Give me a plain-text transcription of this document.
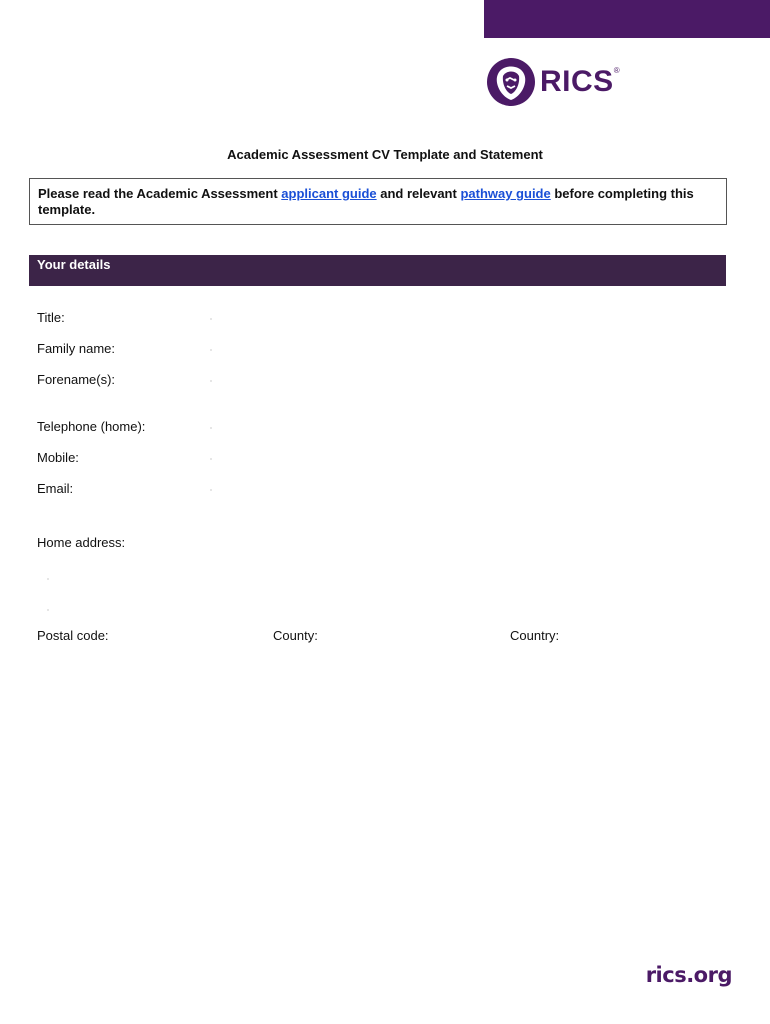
RICS ®
Academic Assessment CV Template and Statement
Please read the Academic Assessment applicant guide and relevant pathway guide before completing this template.
Your details
Title:
Family name:
Forename(s):
Telephone (home):
Mobile:
Email:
Home address:
Postal code:	County:	Country:
rics.org
